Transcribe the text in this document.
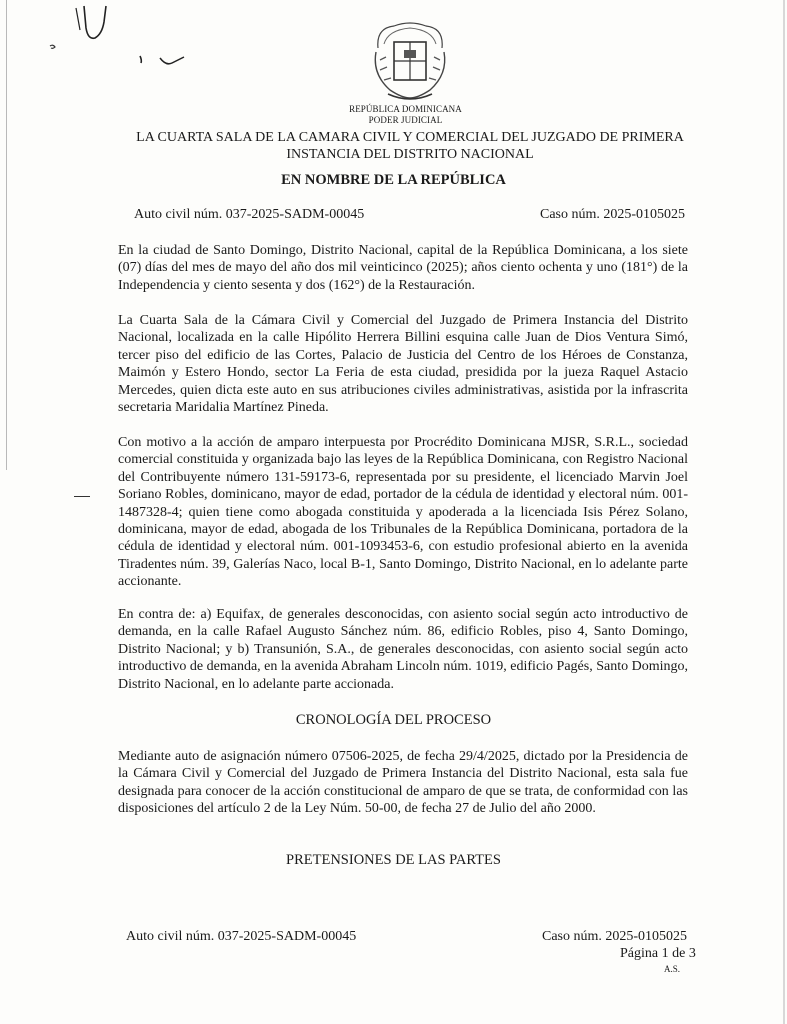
REPÚBLICA DOMINICANA
PODER JUDICIAL
LA CUARTA SALA DE LA CAMARA CIVIL Y COMERCIAL DEL JUZGADO DE PRIMERA
INSTANCIA DEL DISTRITO NACIONAL
EN NOMBRE DE LA REPÚBLICA
Auto civil núm. 037-2025-SADM-00045	Caso núm. 2025-0105025

En la ciudad de Santo Domingo, Distrito Nacional, capital de la República Dominicana, a los siete (07) días del mes de mayo del año dos mil veinticinco (2025); años ciento ochenta y uno (181°) de la Independencia y ciento sesenta y dos (162°) de la Restauración.

La Cuarta Sala de la Cámara Civil y Comercial del Juzgado de Primera Instancia del Distrito Nacional, localizada en la calle Hipólito Herrera Billini esquina calle Juan de Dios Ventura Simó, tercer piso del edificio de las Cortes, Palacio de Justicia del Centro de los Héroes de Constanza, Maimón y Estero Hondo, sector La Feria de esta ciudad, presidida por la jueza Raquel Astacio Mercedes, quien dicta este auto en sus atribuciones civiles administrativas, asistida por la infrascrita secretaria Maridalia Martínez Pineda.

Con motivo a la acción de amparo interpuesta por Procrédito Dominicana MJSR, S.R.L., sociedad comercial constituida y organizada bajo las leyes de la República Dominicana, con Registro Nacional del Contribuyente número 131-59173-6, representada por su presidente, el licenciado Marvin Joel Soriano Robles, dominicano, mayor de edad, portador de la cédula de identidad y electoral núm. 001-1487328-4; quien tiene como abogada constituida y apoderada a la licenciada Isis Pérez Solano, dominicana, mayor de edad, abogada de los Tribunales de la República Dominicana, portadora de la cédula de identidad y electoral núm. 001-1093453-6, con estudio profesional abierto en la avenida Tiradentes núm. 39, Galerías Naco, local B-1, Santo Domingo, Distrito Nacional, en lo adelante parte accionante.

En contra de: a) Equifax, de generales desconocidas, con asiento social según acto introductivo de demanda, en la calle Rafael Augusto Sánchez núm. 86, edificio Robles, piso 4, Santo Domingo, Distrito Nacional; y b) Transunión, S.A., de generales desconocidas, con asiento social según acto introductivo de demanda, en la avenida Abraham Lincoln núm. 1019, edificio Pagés, Santo Domingo, Distrito Nacional, en lo adelante parte accionada.

CRONOLOGÍA DEL PROCESO

Mediante auto de asignación número 07506-2025, de fecha 29/4/2025, dictado por la Presidencia de la Cámara Civil y Comercial del Juzgado de Primera Instancia del Distrito Nacional, esta sala fue designada para conocer de la acción constitucional de amparo de que se trata, de conformidad con las disposiciones del artículo 2 de la Ley Núm. 50-00, de fecha 27 de Julio del año 2000.

PRETENSIONES DE LAS PARTES
Auto civil núm. 037-2025-SADM-00045	Caso núm. 2025-0105025
Página 1 de 3
A.S.
